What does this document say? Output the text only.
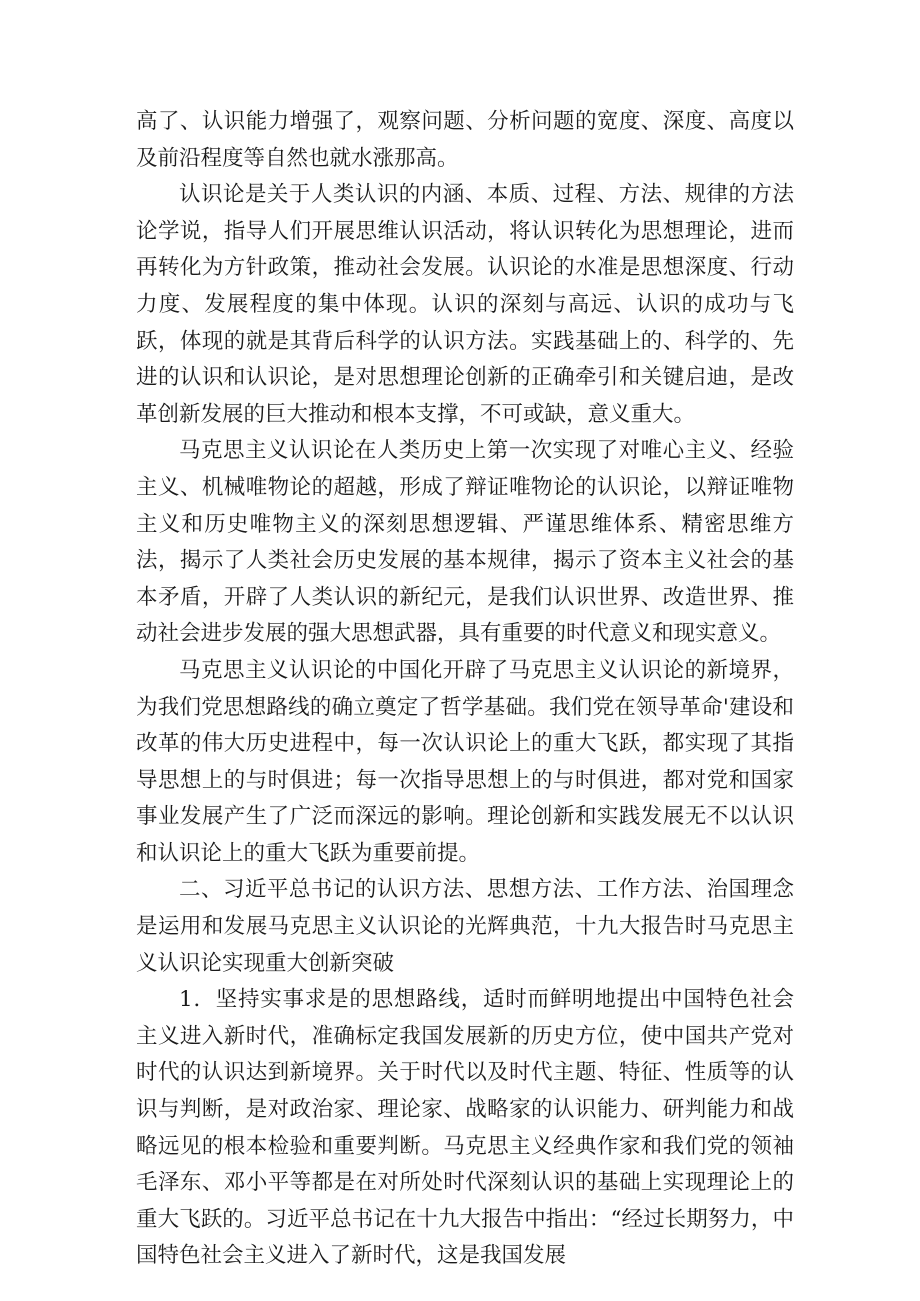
高了、认识能力增强了，观察问题、分析问题的宽度、深度、高度以及前沿程度等自然也就水涨那高。

认识论是关于人类认识的内涵、本质、过程、方法、规律的方法论学说，指导人们开展思维认识活动，将认识转化为思想理论，进而再转化为方针政策，推动社会发展。认识论的水准是思想深度、行动力度、发展程度的集中体现。认识的深刻与高远、认识的成功与飞跃，体现的就是其背后科学的认识方法。实践基础上的、科学的、先进的认识和认识论，是对思想理论创新的正确牵引和关键启迪，是改革创新发展的巨大推动和根本支撑，不可或缺，意义重大。

马克思主义认识论在人类历史上第一次实现了对唯心主义、经验主义、机械唯物论的超越，形成了辩证唯物论的认识论，以辩证唯物主义和历史唯物主义的深刻思想逻辑、严谨思维体系、精密思维方法，揭示了人类社会历史发展的基本规律，揭示了资本主义社会的基本矛盾，开辟了人类认识的新纪元，是我们认识世界、改造世界、推动社会进步发展的强大思想武器，具有重要的时代意义和现实意义。

马克思主义认识论的中国化开辟了马克思主义认识论的新境界，为我们党思想路线的确立奠定了哲学基础。我们党在领导革命'建设和改革的伟大历史进程中，每一次认识论上的重大飞跃，都实现了其指导思想上的与时俱进；每一次指导思想上的与时俱进，都对党和国家事业发展产生了广泛而深远的影响。理论创新和实践发展无不以认识和认识论上的重大飞跃为重要前提。

二、习近平总书记的认识方法、思想方法、工作方法、治国理念是运用和发展马克思主义认识论的光辉典范，十九大报告时马克思主义认识论实现重大创新突破

1．坚持实事求是的思想路线，适时而鲜明地提出中国特色社会主义进入新时代，准确标定我国发展新的历史方位，使中国共产党对时代的认识达到新境界。关于时代以及时代主题、特征、性质等的认识与判断，是对政治家、理论家、战略家的认识能力、研判能力和战略远见的根本检验和重要判断。马克思主义经典作家和我们党的领袖毛泽东、邓小平等都是在对所处时代深刻认识的基础上实现理论上的重大飞跃的。习近平总书记在十九大报告中指出：“经过长期努力，中国特色社会主义进入了新时代，这是我国发展
